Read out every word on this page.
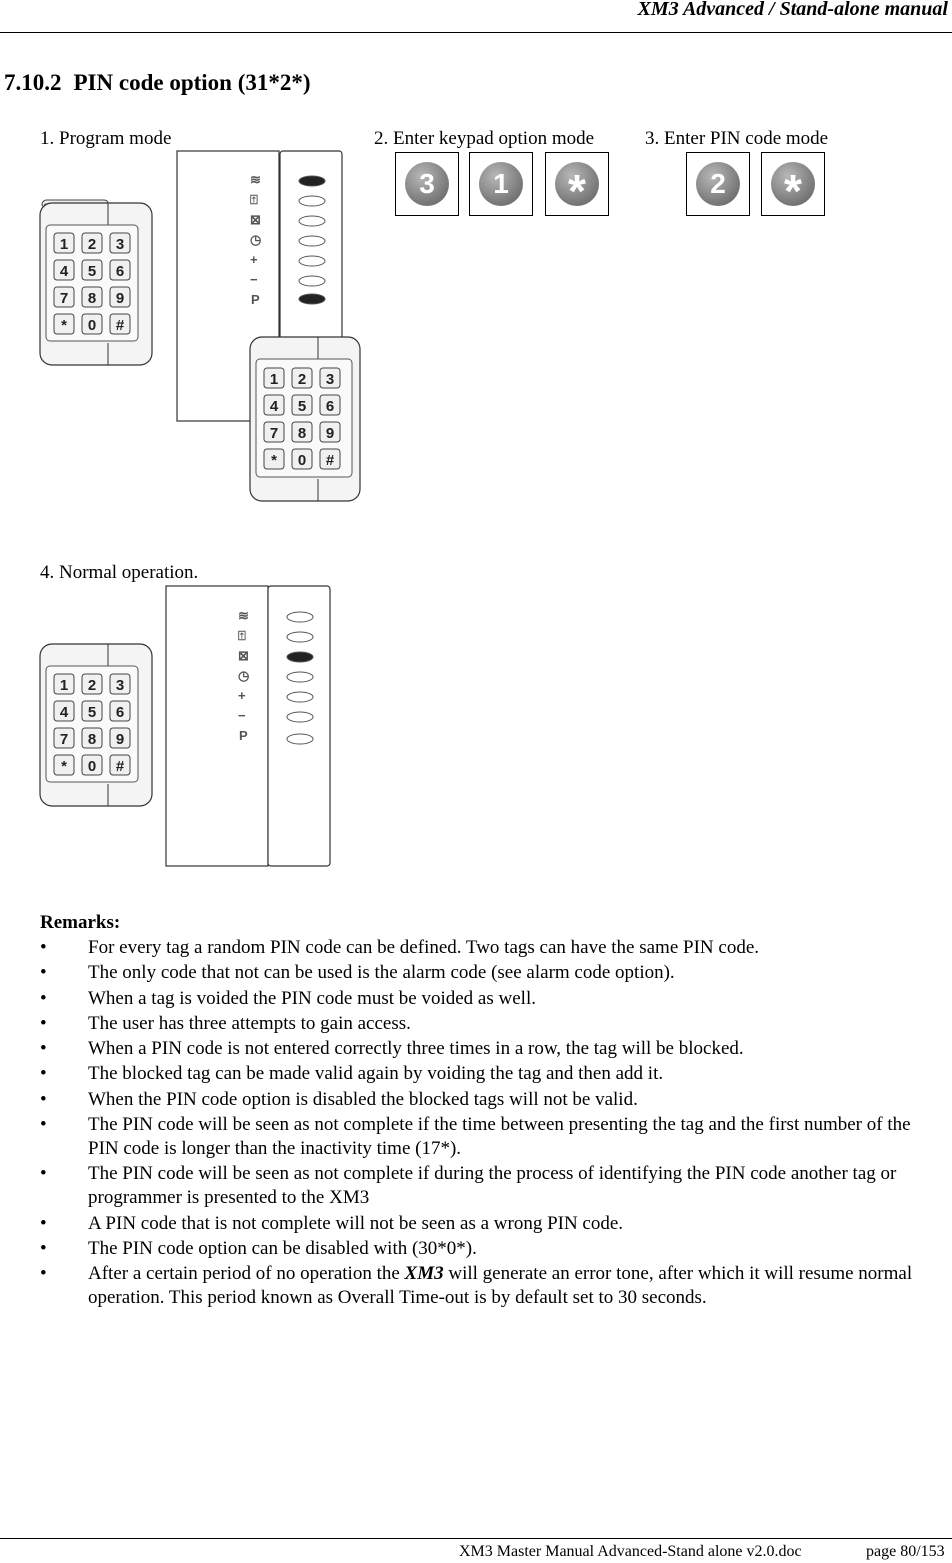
XM3 Advanced / Stand-alone manual
7.10.2 PIN code option (31*2*)
1. Program mode	2. Enter keypad option mode	3. Enter PIN code mode
4. Normal operation.
3	1	*	2	*
≋
⍐
⊠
◷
+
−
P
1 2 3
4 5 6
7 8 9
* 0 #
1 2 3
4 5 6
7 8 9
* 0 #
≋
⍐
⊠
◷
+
−
P
1 2 3
4 5 6
7 8 9
* 0 #
Remarks:
• For every tag a random PIN code can be defined. Two tags can have the same PIN code.
• The only code that not can be used is the alarm code (see alarm code option).
• When a tag is voided the PIN code must be voided as well.
• The user has three attempts to gain access.
• When a PIN code is not entered correctly three times in a row, the tag will be blocked.
• The blocked tag can be made valid again by voiding the tag and then add it.
• When the PIN code option is disabled the blocked tags will not be valid.
• The PIN code will be seen as not complete if the time between presenting the tag and the first number of the PIN code is longer than the inactivity time (17*).
• The PIN code will be seen as not complete if during the process of identifying the PIN code another tag or programmer is presented to the XM3
• A PIN code that is not complete will not be seen as a wrong PIN code.
• The PIN code option can be disabled with (30*0*).
• After a certain period of no operation the XM3 will generate an error tone, after which it will resume normal operation. This period known as Overall Time-out is by default set to 30 seconds.
XM3 Master Manual Advanced-Stand alone v2.0.doc	page 80/153
